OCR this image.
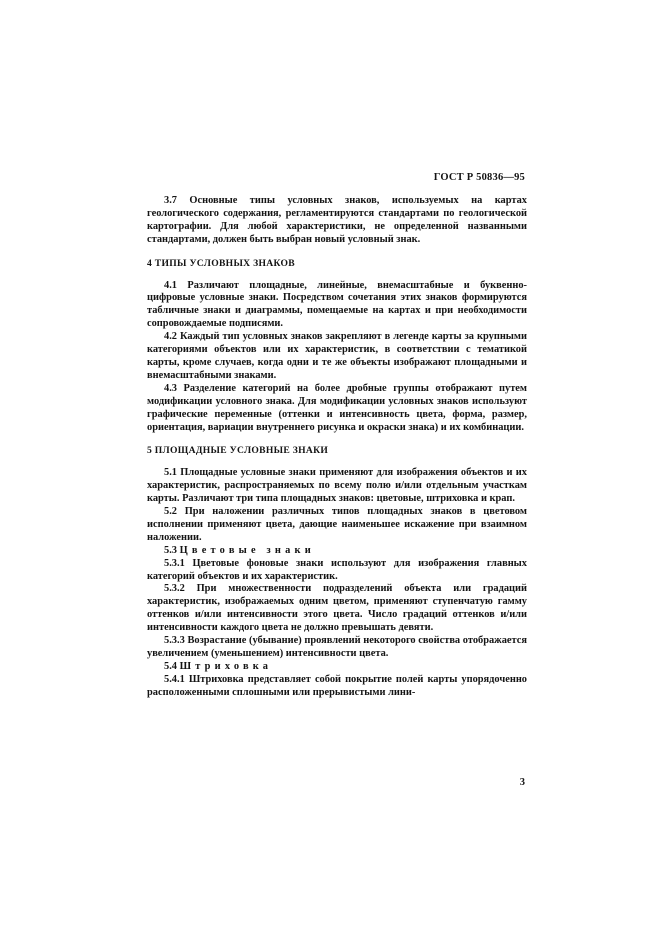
ГОСТ Р 50836—95

3.7 Основные типы условных знаков, используемых на картах геологического содержания, регламентируются стандартами по геологической картографии. Для любой характеристики, не определенной названными стандартами, должен быть выбран новый условный знак.

4 ТИПЫ УСЛОВНЫХ ЗНАКОВ

4.1 Различают площадные, линейные, внемасштабные и буквенно-цифровые условные знаки. Посредством сочетания этих знаков формируются табличные знаки и диаграммы, помещаемые на картах и при необходимости сопровождаемые подписями.

4.2 Каждый тип условных знаков закрепляют в легенде карты за крупными категориями объектов или их характеристик, в соответствии с тематикой карты, кроме случаев, когда одни и те же объекты изображают площадными и внемасштабными знаками.

4.3 Разделение категорий на более дробные группы отображают путем модификации условного знака. Для модификации условных знаков используют графические переменные (оттенки и интенсивность цвета, форма, размер, ориентация, вариации внутреннего рисунка и окраски знака) и их комбинации.

5 ПЛОЩАДНЫЕ УСЛОВНЫЕ ЗНАКИ

5.1 Площадные условные знаки применяют для изображения объектов и их характеристик, распространяемых по всему полю и/или отдельным участкам карты. Различают три типа площадных знаков: цветовые, штриховка и крап.

5.2 При наложении различных типов площадных знаков в цветовом исполнении применяют цвета, дающие наименьшее искажение при взаимном наложении.

5.3 Цветовые знаки

5.3.1 Цветовые фоновые знаки используют для изображения главных категорий объектов и их характеристик.

5.3.2 При множественности подразделений объекта или градаций характеристик, изображаемых одним цветом, применяют ступенчатую гамму оттенков и/или интенсивности этого цвета. Число градаций оттенков и/или интенсивности каждого цвета не должно превышать девяти.

5.3.3 Возрастание (убывание) проявлений некоторого свойства отображается увеличением (уменьшением) интенсивности цвета.

5.4 Штриховка

5.4.1 Штриховка представляет собой покрытие полей карты упорядоченно расположенными сплошными или прерывистыми лини-

3
